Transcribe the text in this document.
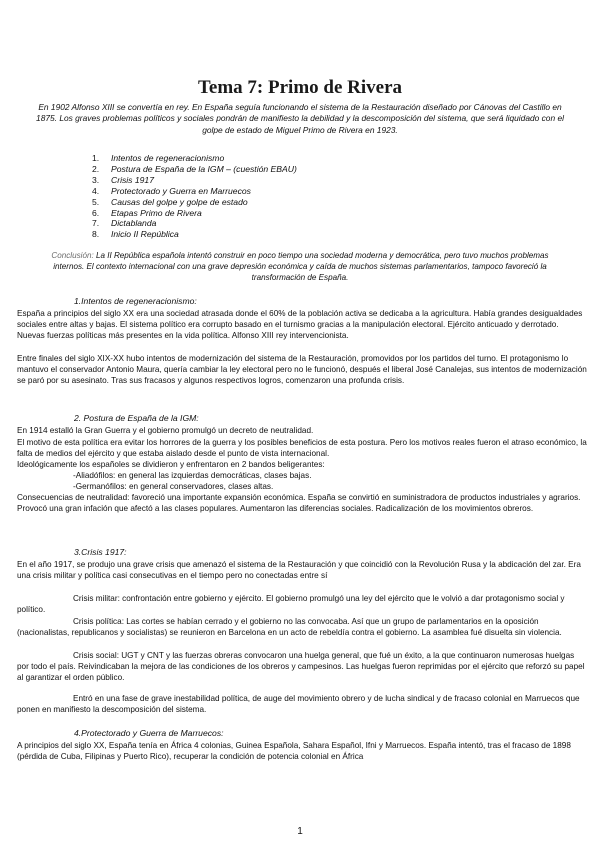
Tema 7: Primo de Rivera

En 1902 Alfonso XIII se convertía en rey. En España seguía funcionando el sistema de la Restauración diseñado por Cánovas del Castillo en 1875. Los graves problemas políticos y sociales pondrán de manifiesto la debilidad y la descomposición del sistema, que será liquidado con el golpe de estado de Miguel Primo de Rivera en 1923.

1. Intentos de regeneracionismo
2. Postura de España de la IGM – (cuestión EBAU)
3. Crisis 1917
4. Protectorado y Guerra en Marruecos
5. Causas del golpe y golpe de estado
6. Etapas Primo de Rivera
7. Dictablanda
8. Inicio II República

Conclusión: La II República española intentó construir en poco tiempo una sociedad moderna y democrática, pero tuvo muchos problemas internos. El contexto internacional con una grave depresión económica y caída de muchos sistemas parlamentarios, tampoco favoreció la transformación de España.

1.Intentos de regeneracionismo:

España a principios del siglo XX era una sociedad atrasada donde el 60% de la población activa se dedicaba a la agricultura. Había grandes desigualdades sociales entre altas y bajas. El sistema político era corrupto basado en el turnismo gracias a la manipulación electoral. Ejército anticuado y derrotado. Nuevas fuerzas políticas más presentes en la vida política. Alfonso XIII rey intervencionista.

Entre finales del siglo XIX-XX hubo intentos de modernización del sistema de la Restauración, promovidos por los partidos del turno. El protagonismo lo mantuvo el conservador Antonio Maura, quería cambiar la ley electoral pero no le funcionó, después el liberal José Canalejas, sus intentos de modernización se paró por su asesinato. Tras sus fracasos y algunos respectivos logros, comenzaron una profunda crisis.

2. Postura de España de la IGM:

En 1914 estalló la Gran Guerra y el gobierno promulgó un decreto de neutralidad.

El motivo de esta política era evitar los horrores de la guerra y los posibles beneficios de esta postura. Pero los motivos reales fueron el atraso económico, la falta de medios del ejército y que estaba aislado desde el punto de vista internacional.

Ideológicamente los españoles se dividieron y enfrentaron en 2 bandos beligerantes:

-Aliadófilos: en general las izquierdas democráticas, clases bajas.

-Germanófilos: en general conservadores, clases altas.

Consecuencias de neutralidad: favoreció una importante expansión económica. España se convirtió en suministradora de productos industriales y agrarios. Provocó una gran infación que afectó a las clases populares. Aumentaron las diferencias sociales. Radicalización de los movimientos obreros.

3.Crisis 1917:

En el año 1917, se produjo una grave crisis que amenazó el sistema de la Restauración y que coincidió con la Revolución Rusa y la abdicación del zar. Era una crisis militar y política casi consecutivas en el tiempo pero no conectadas entre sí

Crisis militar: confrontación entre gobierno y ejército. El gobierno promulgó una ley del ejército que le volvió a dar protagonismo social y político.

Crisis política: Las cortes se habían cerrado y el gobierno no las convocaba. Así que un grupo de parlamentarios en la oposición (nacionalistas, republicanos y socialistas) se reunieron en Barcelona en un acto de rebeldía contra el gobierno. La asamblea fué disuelta sin violencia.

Crisis social: UGT y CNT y las fuerzas obreras convocaron una huelga general, que fué un éxito, a la que continuaron numerosas huelgas por todo el país. Reivindicaban la mejora de las condiciones de los obreros y campesinos. Las huelgas fueron reprimidas por el ejército que reforzó su papel al garantizar el orden público.

Entró en una fase de grave inestabilidad política, de auge del movimiento obrero y de lucha sindical y de fracaso colonial en Marruecos que ponen en manifiesto la descomposición del sistema.

4.Protectorado y Guerra de Marruecos:

A principios del siglo XX, España tenía en África 4 colonias, Guinea Española, Sahara Español, Ifni y Marruecos. España intentó, tras el fracaso de 1898 (pérdida de Cuba, Filipinas y Puerto Rico), recuperar la condición de potencia colonial en África

1
